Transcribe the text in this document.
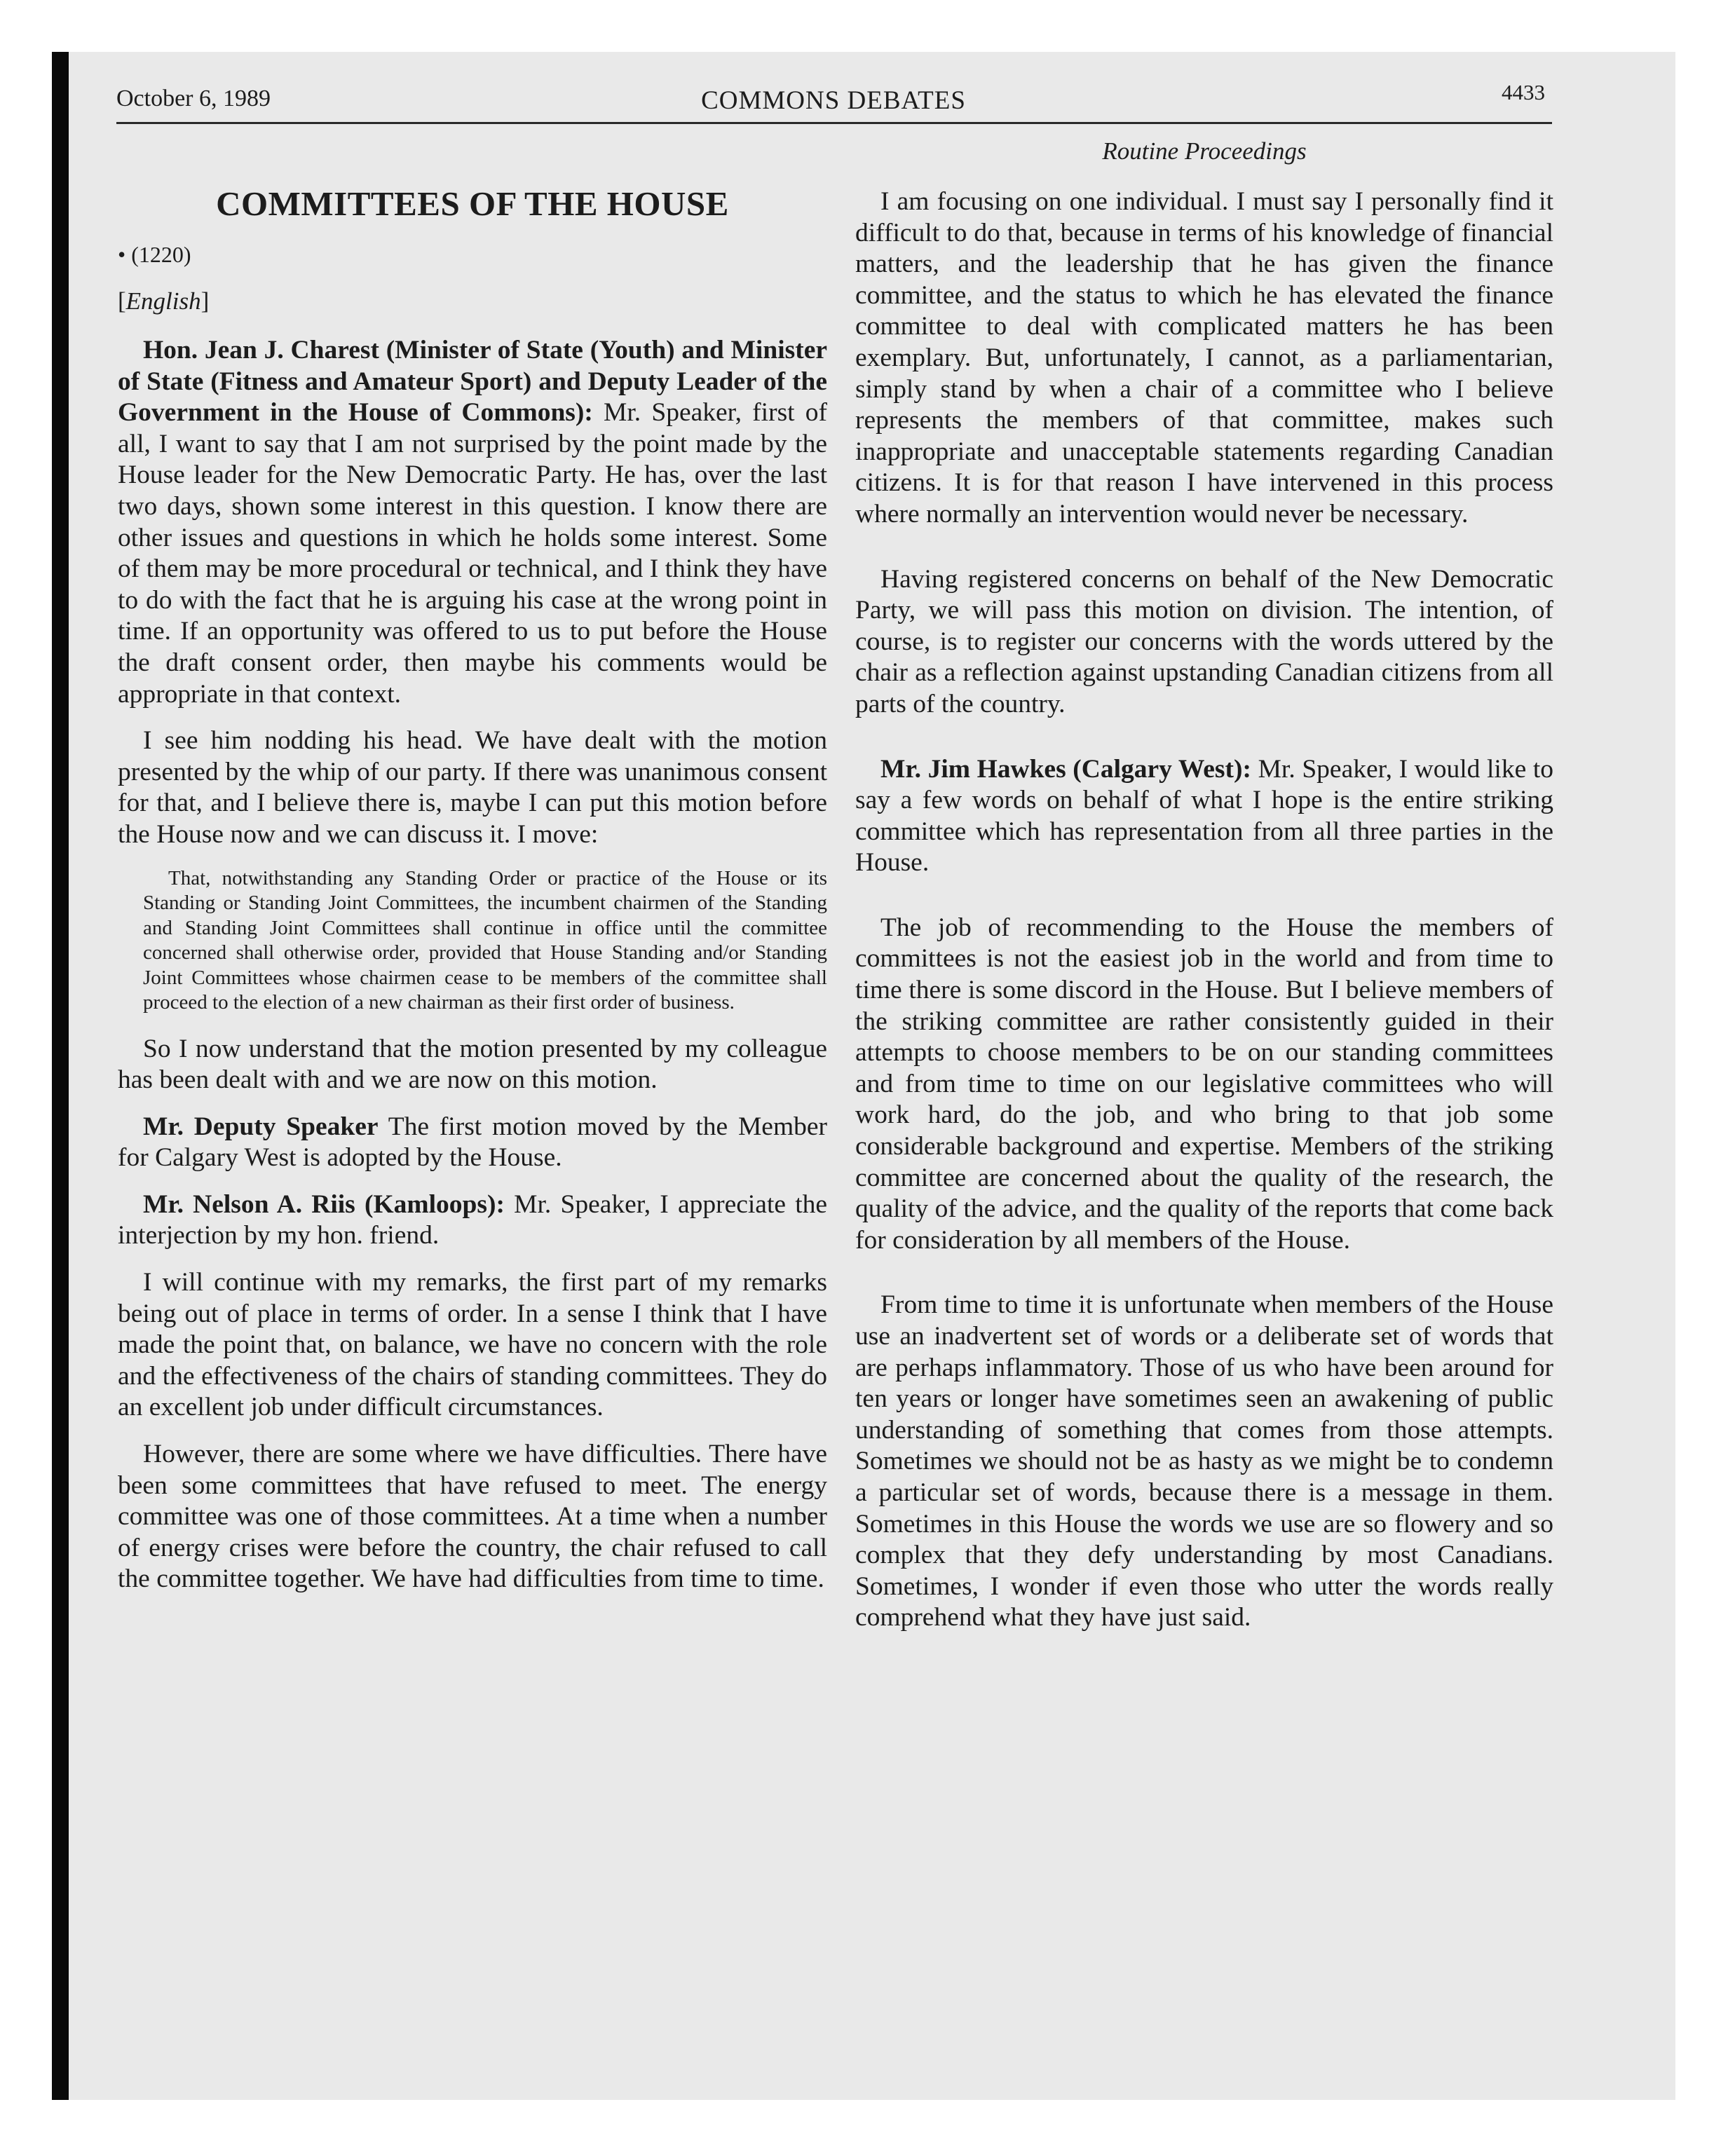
October 6, 1989	COMMONS DEBATES	4433
COMMITTEES OF THE HOUSE
• (1220)
[English]

Hon. Jean J. Charest (Minister of State (Youth) and Minister of State (Fitness and Amateur Sport) and Deputy Leader of the Government in the House of Commons): Mr. Speaker, first of all, I want to say that I am not surprised by the point made by the House leader for the New Democratic Party. He has, over the last two days, shown some interest in this question. I know there are other issues and questions in which he holds some interest. Some of them may be more procedural or technical, and I think they have to do with the fact that he is arguing his case at the wrong point in time. If an opportunity was offered to us to put before the House the draft consent order, then maybe his comments would be appropriate in that context.

I see him nodding his head. We have dealt with the motion presented by the whip of our party. If there was unanimous consent for that, and I believe there is, maybe I can put this motion before the House now and we can discuss it. I move:

That, notwithstanding any Standing Order or practice of the House or its Standing or Standing Joint Committees, the incumbent chairmen of the Standing and Standing Joint Committees shall continue in office until the committee concerned shall otherwise order, provided that House Standing and/or Standing Joint Committees whose chairmen cease to be members of the committee shall proceed to the election of a new chairman as their first order of business.

So I now understand that the motion presented by my colleague has been dealt with and we are now on this motion.

Mr. Deputy Speaker The first motion moved by the Member for Calgary West is adopted by the House.

Mr. Nelson A. Riis (Kamloops): Mr. Speaker, I appreciate the interjection by my hon. friend.

I will continue with my remarks, the first part of my remarks being out of place in terms of order. In a sense I think that I have made the point that, on balance, we have no concern with the role and the effectiveness of the chairs of standing committees. They do an excellent job under difficult circumstances.

However, there are some where we have difficulties. There have been some committees that have refused to meet. The energy committee was one of those committees. At a time when a number of energy crises were before the country, the chair refused to call the committee together. We have had difficulties from time to time.

Routine Proceedings

I am focusing on one individual. I must say I personally find it difficult to do that, because in terms of his knowledge of financial matters, and the leadership that he has given the finance committee, and the status to which he has elevated the finance committee to deal with complicated matters he has been exemplary. But, unfortunately, I cannot, as a parliamentarian, simply stand by when a chair of a committee who I believe represents the members of that committee, makes such inappropriate and unacceptable statements regarding Canadian citizens. It is for that reason I have intervened in this process where normally an intervention would never be necessary.

Having registered concerns on behalf of the New Democratic Party, we will pass this motion on division. The intention, of course, is to register our concerns with the words uttered by the chair as a reflection against upstanding Canadian citizens from all parts of the country.

Mr. Jim Hawkes (Calgary West): Mr. Speaker, I would like to say a few words on behalf of what I hope is the entire striking committee which has representation from all three parties in the House.

The job of recommending to the House the members of committees is not the easiest job in the world and from time to time there is some discord in the House. But I believe members of the striking committee are rather consistently guided in their attempts to choose members to be on our standing committees and from time to time on our legislative committees who will work hard, do the job, and who bring to that job some considerable background and expertise. Members of the striking committee are concerned about the quality of the research, the quality of the advice, and the quality of the reports that come back for consideration by all members of the House.

From time to time it is unfortunate when members of the House use an inadvertent set of words or a deliberate set of words that are perhaps inflammatory. Those of us who have been around for ten years or longer have sometimes seen an awakening of public understanding of something that comes from those attempts. Sometimes we should not be as hasty as we might be to condemn a particular set of words, because there is a message in them. Sometimes in this House the words we use are so flowery and so complex that they defy understanding by most Canadians. Sometimes, I wonder if even those who utter the words really comprehend what they have just said.
